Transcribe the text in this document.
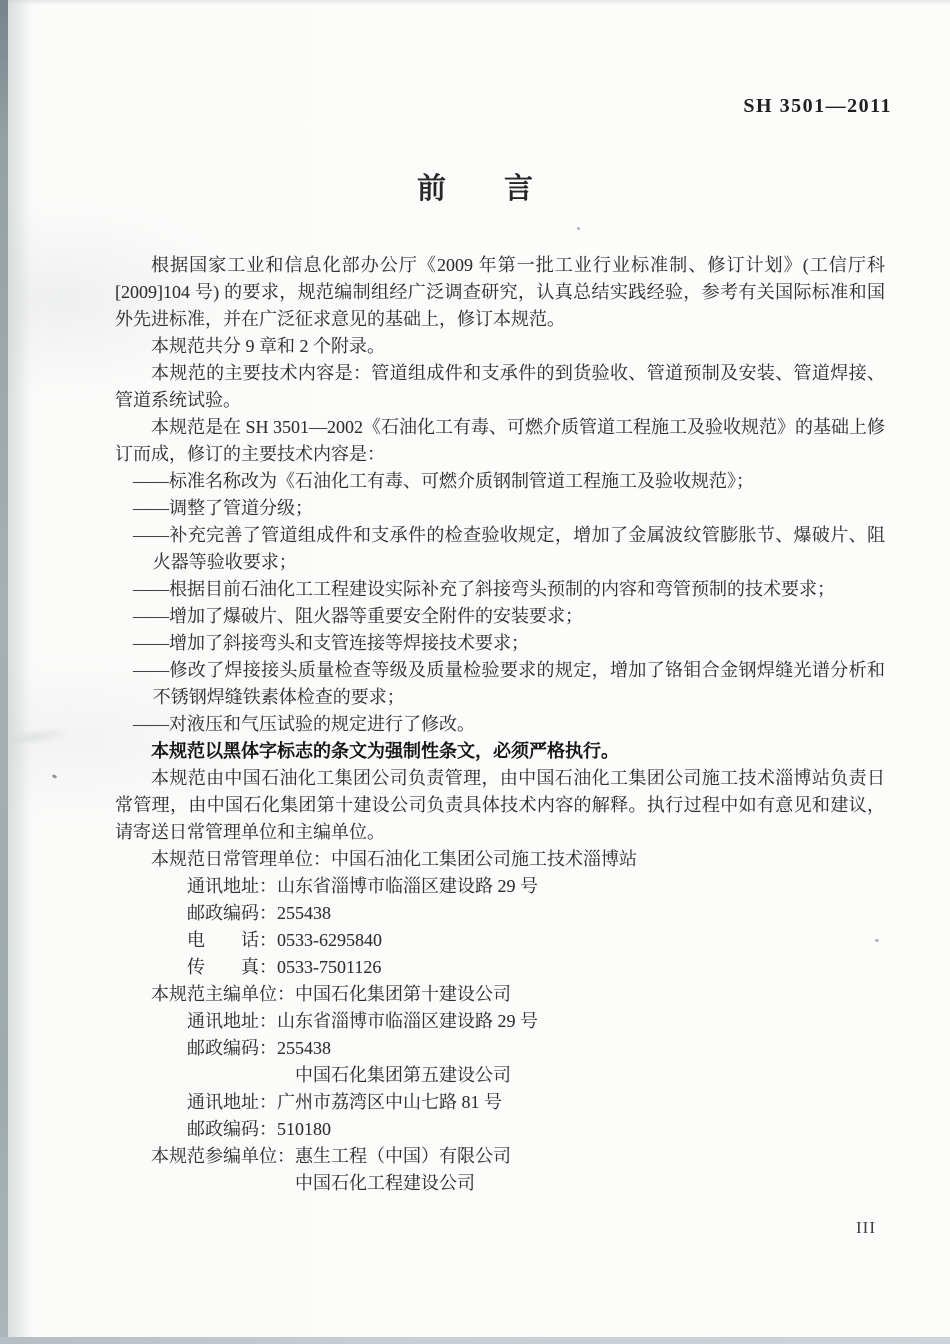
SH 3501—2011
前　　言

根据国家工业和信息化部办公厅《2009 年第一批工业行业标准制、修订计划》(工信厅科[2009]104 号) 的要求，规范编制组经广泛调查研究，认真总结实践经验，参考有关国际标准和国外先进标准，并在广泛征求意见的基础上，修订本规范。

本规范共分 9 章和 2 个附录。

本规范的主要技术内容是：管道组成件和支承件的到货验收、管道预制及安装、管道焊接、管道系统试验。

本规范是在 SH 3501—2002《石油化工有毒、可燃介质管道工程施工及验收规范》的基础上修订而成，修订的主要技术内容是：

——标准名称改为《石油化工有毒、可燃介质钢制管道工程施工及验收规范》；

——调整了管道分级；

——补充完善了管道组成件和支承件的检查验收规定，增加了金属波纹管膨胀节、爆破片、阻火器等验收要求；

——根据目前石油化工工程建设实际补充了斜接弯头预制的内容和弯管预制的技术要求；

——增加了爆破片、阻火器等重要安全附件的安装要求；

——增加了斜接弯头和支管连接等焊接技术要求；

——修改了焊接接头质量检查等级及质量检验要求的规定，增加了铬钼合金钢焊缝光谱分析和不锈钢焊缝铁素体检查的要求；

——对液压和气压试验的规定进行了修改。

本规范以黑体字标志的条文为强制性条文，必须严格执行。

本规范由中国石油化工集团公司负责管理，由中国石油化工集团公司施工技术淄博站负责日常管理，由中国石化集团第十建设公司负责具体技术内容的解释。执行过程中如有意见和建议，请寄送日常管理单位和主编单位。

本规范日常管理单位：中国石油化工集团公司施工技术淄博站

通讯地址：山东省淄博市临淄区建设路 29 号

邮政编码：255438

电　　话：0533-6295840

传　　真：0533-7501126

本规范主编单位：中国石化集团第十建设公司

通讯地址：山东省淄博市临淄区建设路 29 号

邮政编码：255438

中国石化集团第五建设公司

通讯地址：广州市荔湾区中山七路 81 号

邮政编码：510180

本规范参编单位：惠生工程（中国）有限公司

中国石化工程建设公司

III
